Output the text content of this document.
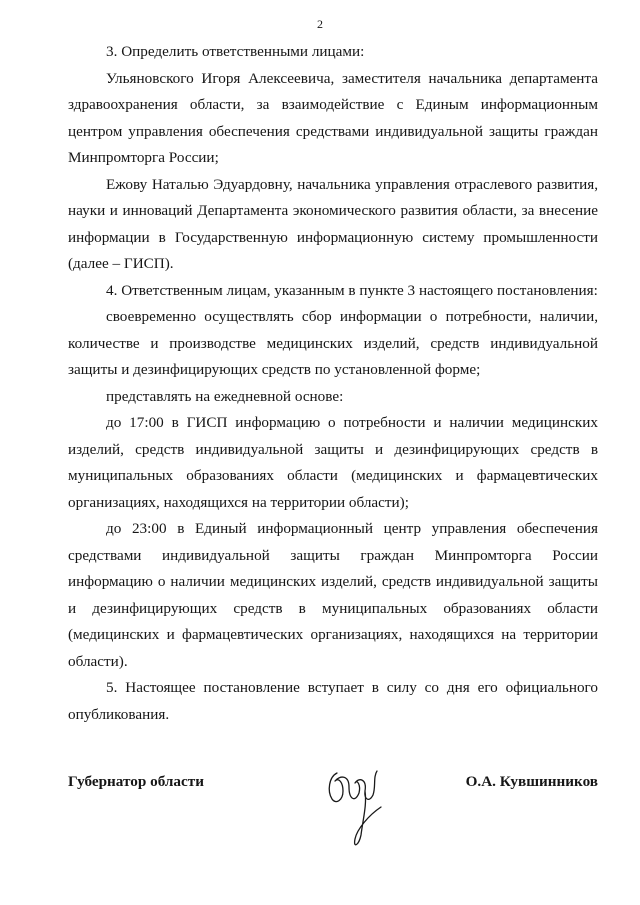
2

3. Определить ответственными лицами:

Ульяновского Игоря Алексеевича, заместителя начальника департамента здравоохранения области, за взаимодействие с Единым информационным центром управления обеспечения средствами индивидуальной защиты граждан Минпромторга России;

Ежову Наталью Эдуардовну, начальника управления отраслевого развития, науки и инноваций Департамента экономического развития области, за внесение информации в Государственную информационную систему промышленности (далее – ГИСП).

4. Ответственным лицам, указанным в пункте 3 настоящего постановления:

своевременно осуществлять сбор информации о потребности, наличии, количестве и производстве медицинских изделий, средств индивидуальной защиты и дезинфицирующих средств по установленной форме;

представлять на ежедневной основе:

до 17:00 в ГИСП информацию о потребности и наличии медицинских изделий, средств индивидуальной защиты и дезинфицирующих средств в муниципальных образованиях области (медицинских и фармацевтических организациях, находящихся на территории области);

до 23:00 в Единый информационный центр управления обеспечения средствами индивидуальной защиты граждан Минпромторга России информацию о наличии медицинских изделий, средств индивидуальной защиты и дезинфицирующих средств в муниципальных образованиях области (медицинских и фармацевтических организациях, находящихся на территории области).

5. Настоящее постановление вступает в силу со дня его официального опубликования.

Губернатор области	О.А. Кувшинников
